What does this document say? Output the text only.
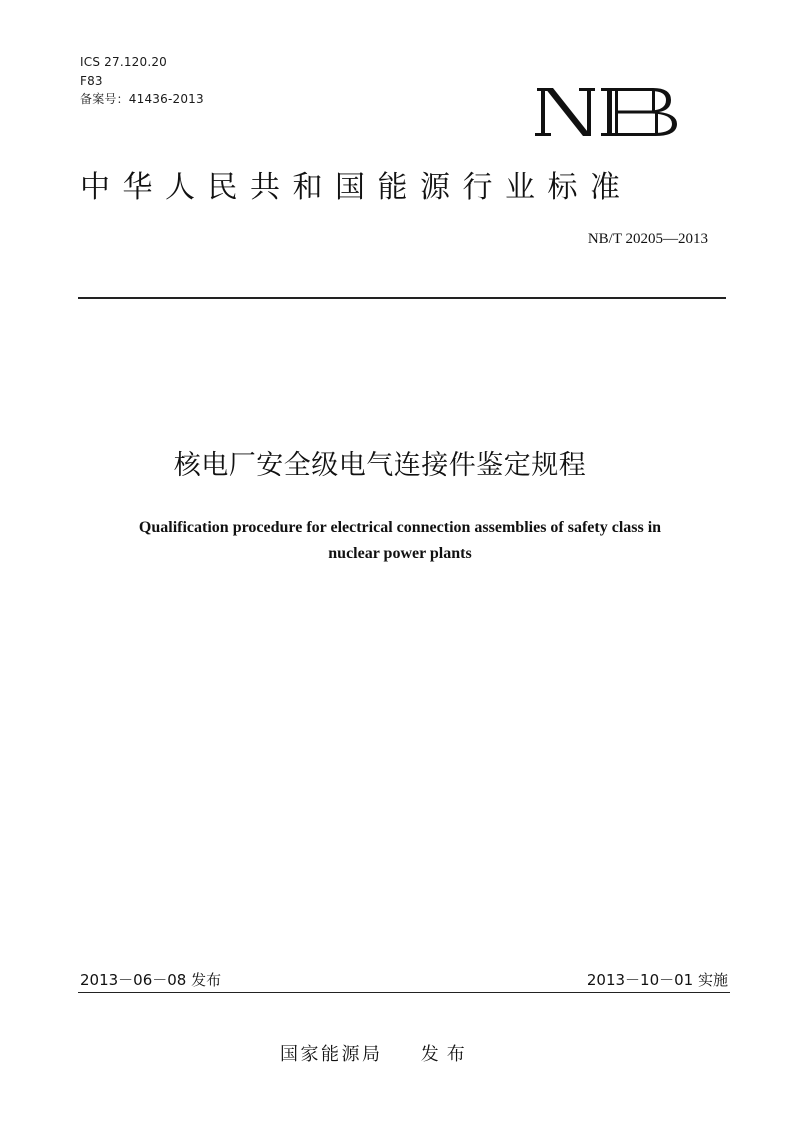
ICS 27.120.20
F83
备案号：41436-2013
中华人民共和国能源行业标准
NB/T 20205—2013
核电厂安全级电气连接件鉴定规程
Qualification procedure for electrical connection assemblies of safety class in
nuclear power plants
2013－06－08 发布	2013－10－01 实施
国家能源局 发布
